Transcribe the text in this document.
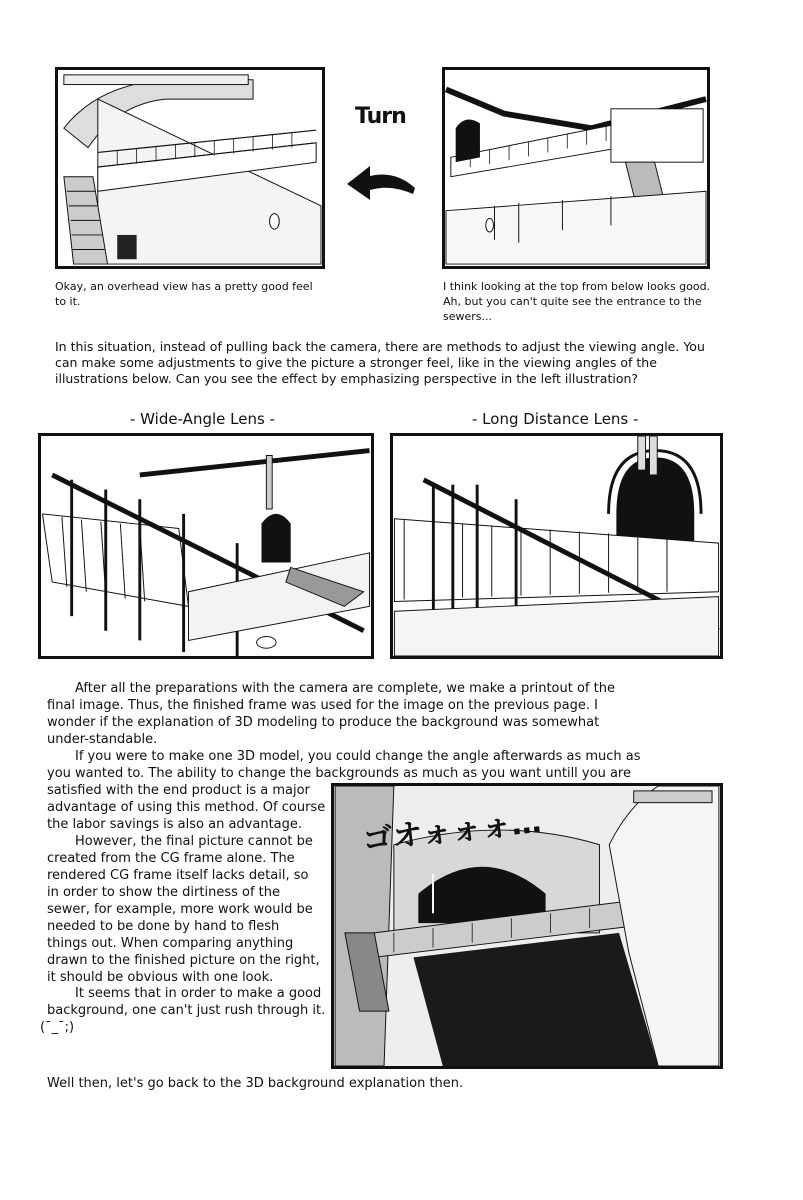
Turn
Okay, an overhead view has a pretty good feel to it.
I think looking at the top from below looks good. Ah, but you can't quite see the entrance to the sewers...
In this situation, instead of pulling back the camera, there are methods to adjust the viewing angle. You can make some adjustments to give the picture a stronger feel, like in the viewing angles of the illustrations below. Can you see the effect by emphasizing perspective in the left illustration?
- Wide-Angle Lens -	- Long Distance Lens -
After all the preparations with the camera are complete, we make a printout of the final image. Thus, the finished frame was used for the image on the previous page. I wonder if the explanation of 3D modeling to produce the background was somewhat under-standable.
If you were to make one 3D model, you could change the angle afterwards as much as you wanted to. The ability to change the backgrounds as much as you want untill you are
satisfied with the end product is a major advantage of using this method. Of course the labor savings is also an advantage.
However, the final picture cannot be created from the CG frame alone. The rendered CG frame itself lacks detail, so in order to show the dirtiness of the sewer, for example, more work would be needed to be done by hand to flesh things out. When comparing anything drawn to the finished picture on the right, it should be obvious with one look.
It seems that in order to make a good background, one can't just rush through it.
(¯_¯;)
ゴオォォォ…
Well then, let's go back to the 3D background explanation then.
